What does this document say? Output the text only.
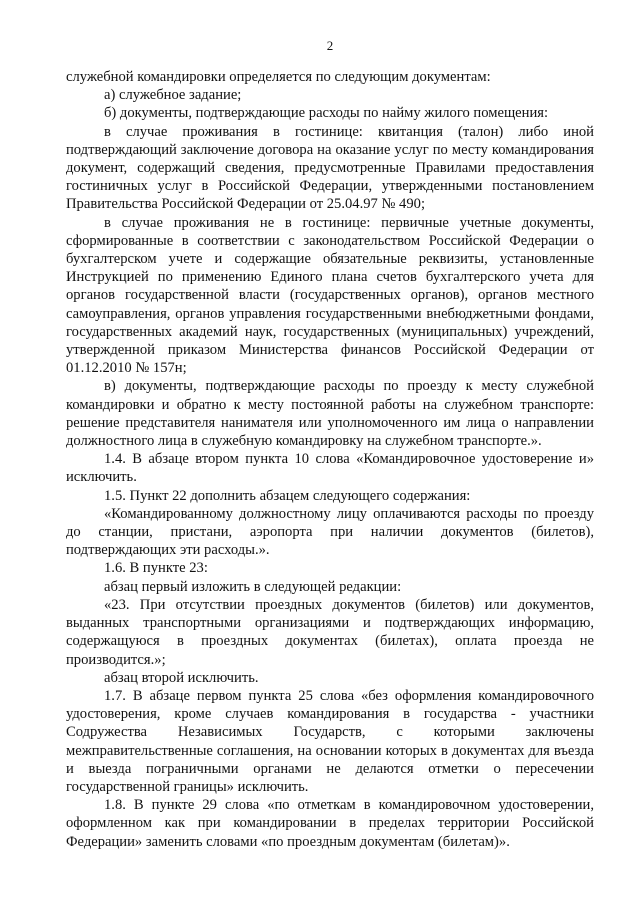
2

служебной командировки определяется по следующим документам:

а) служебное задание;

б) документы, подтверждающие расходы по найму жилого помещения:

в случае проживания в гостинице: квитанция (талон) либо иной подтверждающий заключение договора на оказание услуг по месту командирования документ, содержащий сведения, предусмотренные Правилами предоставления гостиничных услуг в Российской Федерации, утвержденными постановлением Правительства Российской Федерации от 25.04.97 № 490;

в случае проживания не в гостинице: первичные учетные документы, сформированные в соответствии с законодательством Российской Федерации о бухгалтерском учете и содержащие обязательные реквизиты, установленные Инструкцией по применению Единого плана счетов бухгалтерского учета для органов государственной власти (государственных органов), органов местного самоуправления, органов управления государственными внебюджетными фондами, государственных академий наук, государственных (муниципальных) учреждений, утвержденной приказом Министерства финансов Российской Федерации от 01.12.2010 № 157н;

в) документы, подтверждающие расходы по проезду к месту служебной командировки и обратно к месту постоянной работы на служебном транспорте: решение представителя нанимателя или уполномоченного им лица о направлении должностного лица в служебную командировку на служебном транспорте.».

1.4. В абзаце втором пункта 10 слова «Командировочное удостоверение и» исключить.

1.5. Пункт 22 дополнить абзацем следующего содержания:

«Командированному должностному лицу оплачиваются расходы по проезду до станции, пристани, аэропорта при наличии документов (билетов), подтверждающих эти расходы.».

1.6. В пункте 23:

абзац первый изложить в следующей редакции:

«23. При отсутствии проездных документов (билетов) или документов, выданных транспортными организациями и подтверждающих информацию, содержащуюся в проездных документах (билетах), оплата проезда не производится.»;

абзац второй исключить.

1.7. В абзаце первом пункта 25 слова «без оформления командировочного удостоверения, кроме случаев командирования в государства - участники Содружества Независимых Государств, с которыми заключены межправительственные соглашения, на основании которых в документах для въезда и выезда пограничными органами не делаются отметки о пересечении государственной границы» исключить.

1.8. В пункте 29 слова «по отметкам в командировочном удостоверении, оформленном как при командировании в пределах территории Российской Федерации» заменить словами «по проездным документам (билетам)».
